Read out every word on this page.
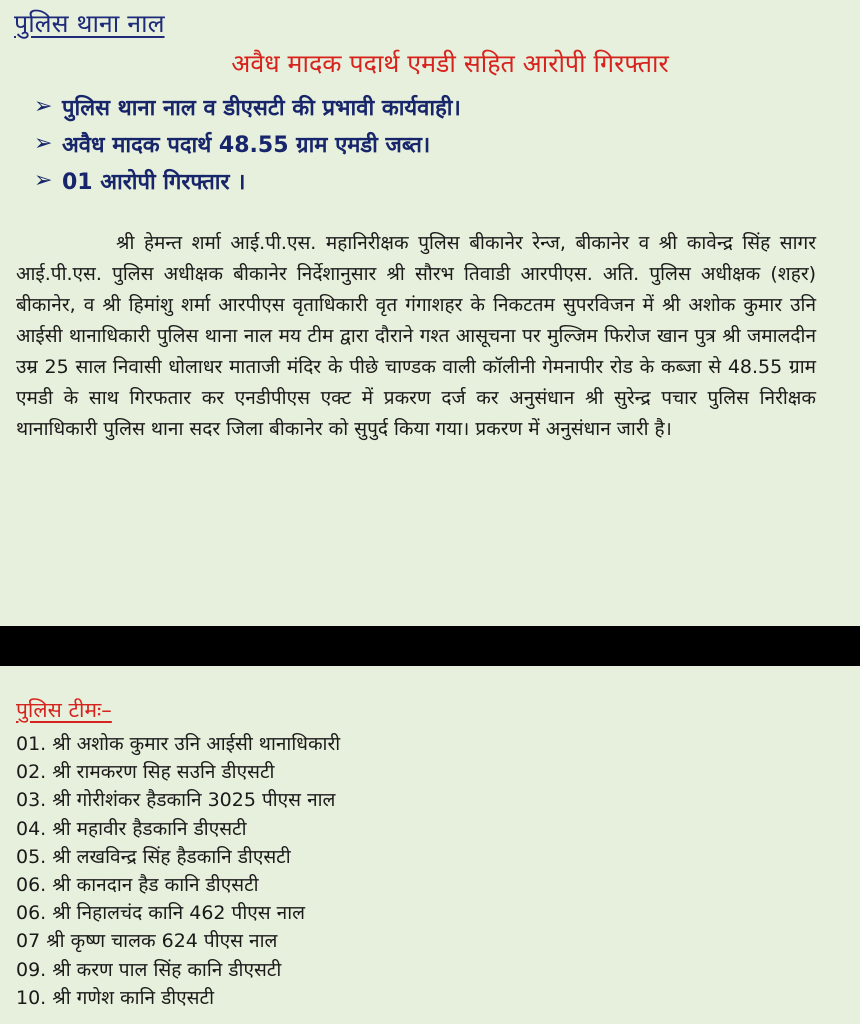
पुलिस थाना नाल
अवैध मादक पदार्थ एमडी सहित आरोपी गिरफ्तार
➢ पुलिस थाना नाल व डीएसटी की प्रभावी कार्यवाही।
➢ अवैध मादक पदार्थ 48.55 ग्राम एमडी जब्त।
➢ 01 आरोपी गिरफ्तार ।

श्री हेमन्त शर्मा आई.पी.एस. महानिरीक्षक पुलिस बीकानेर रेन्ज, बीकानेर व श्री कावेन्द्र सिंह सागर आई.पी.एस. पुलिस अधीक्षक बीकानेर निर्देशानुसार श्री सौरभ तिवाडी आरपीएस. अति. पुलिस अधीक्षक (शहर) बीकानेर, व श्री हिमांशु शर्मा आरपीएस वृताधिकारी वृत गंगाशहर के निकटतम सुपरविजन में श्री अशोक कुमार उनि आईसी थानाधिकारी पुलिस थाना नाल मय टीम द्वारा दौराने गश्त आसूचना पर मुल्जिम फिरोज खान पुत्र श्री जमालदीन उम्र 25 साल निवासी धोलाधर माताजी मंदिर के पीछे चाण्डक वाली कॉलीनी गेमनापीर रोड के कब्जा से 48.55 ग्राम एमडी के साथ गिरफतार कर एनडीपीएस एक्ट में प्रकरण दर्ज कर अनुसंधान श्री सुरेन्द्र पचार पुलिस निरीक्षक थानाधिकारी पुलिस थाना सदर जिला बीकानेर को सुपुर्द किया गया। प्रकरण में अनुसंधान जारी है।

पुलिस टीमः–
01. श्री अशोक कुमार उनि आईसी थानाधिकारी
02. श्री रामकरण सिह सउनि डीएसटी
03. श्री गोरीशंकर हैडकानि 3025 पीएस नाल
04. श्री महावीर हैडकानि डीएसटी
05. श्री लखविन्द्र सिंह हैडकानि डीएसटी
06. श्री कानदान हैड कानि डीएसटी
06. श्री निहालचंद कानि 462 पीएस नाल
07 श्री कृष्ण चालक 624 पीएस नाल
09. श्री करण पाल सिंह कानि डीएसटी
10. श्री गणेश कानि डीएसटी
